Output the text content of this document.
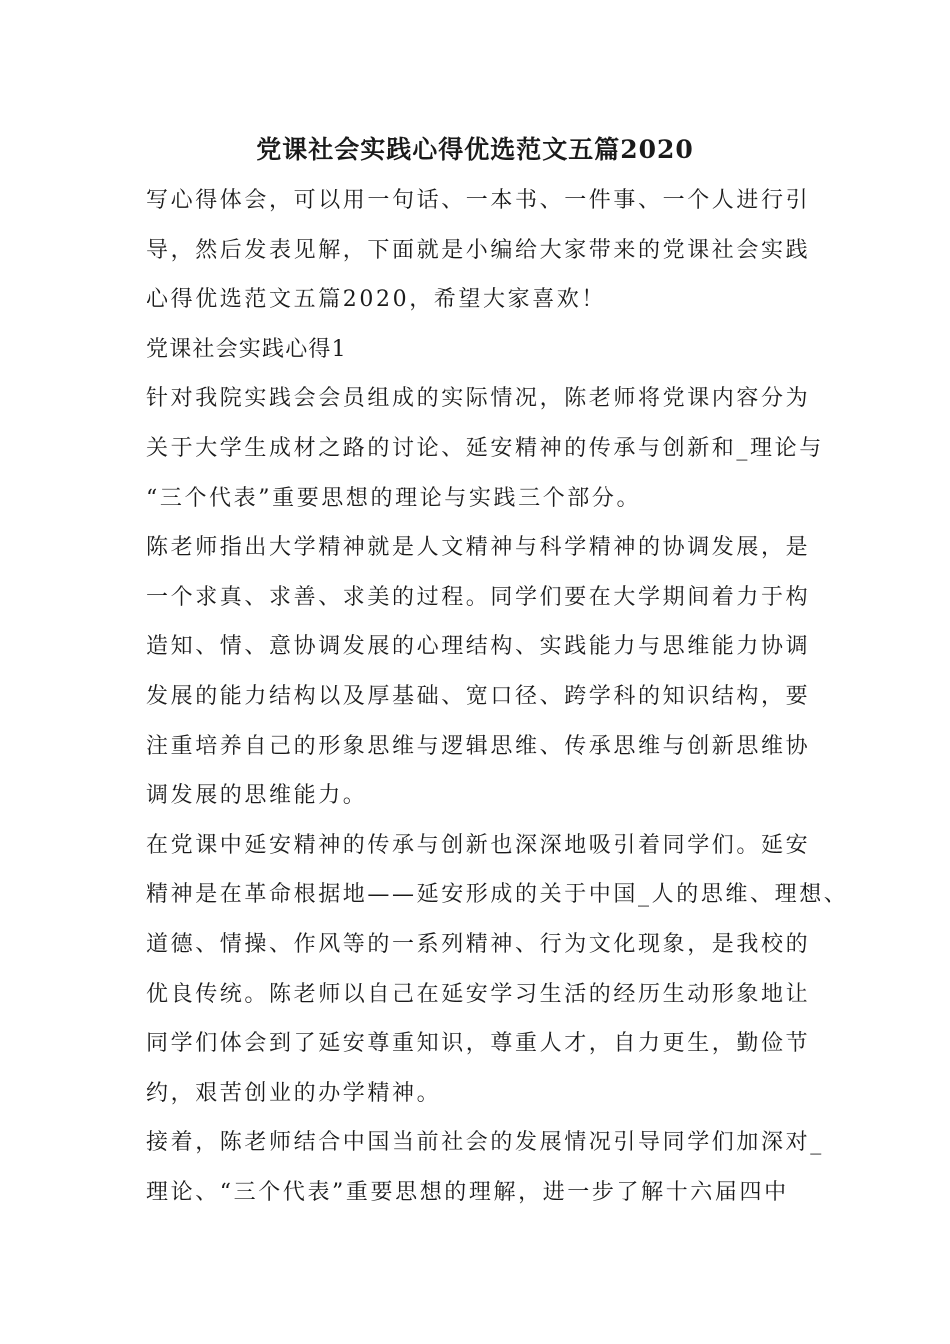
党课社会实践心得优选范文五篇2020
写心得体会，可以用一句话、一本书、一件事、一个人进行引
导，然后发表见解，下面就是小编给大家带来的党课社会实践
心得优选范文五篇2020，希望大家喜欢！
党课社会实践心得1
针对我院实践会会员组成的实际情况，陈老师将党课内容分为
关于大学生成材之路的讨论、延安精神的传承与创新和_理论与
“三个代表”重要思想的理论与实践三个部分。
陈老师指出大学精神就是人文精神与科学精神的协调发展，是
一个求真、求善、求美的过程。同学们要在大学期间着力于构
造知、情、意协调发展的心理结构、实践能力与思维能力协调
发展的能力结构以及厚基础、宽口径、跨学科的知识结构，要
注重培养自己的形象思维与逻辑思维、传承思维与创新思维协
调发展的思维能力。
在党课中延安精神的传承与创新也深深地吸引着同学们。延安
精神是在革命根据地——延安形成的关于中国_人的思维、理想、
道德、情操、作风等的一系列精神、行为文化现象，是我校的
优良传统。陈老师以自己在延安学习生活的经历生动形象地让
同学们体会到了延安尊重知识，尊重人才，自力更生，勤俭节
约，艰苦创业的办学精神。
接着，陈老师结合中国当前社会的发展情况引导同学们加深对_
理论、“三个代表”重要思想的理解，进一步了解十六届四中
